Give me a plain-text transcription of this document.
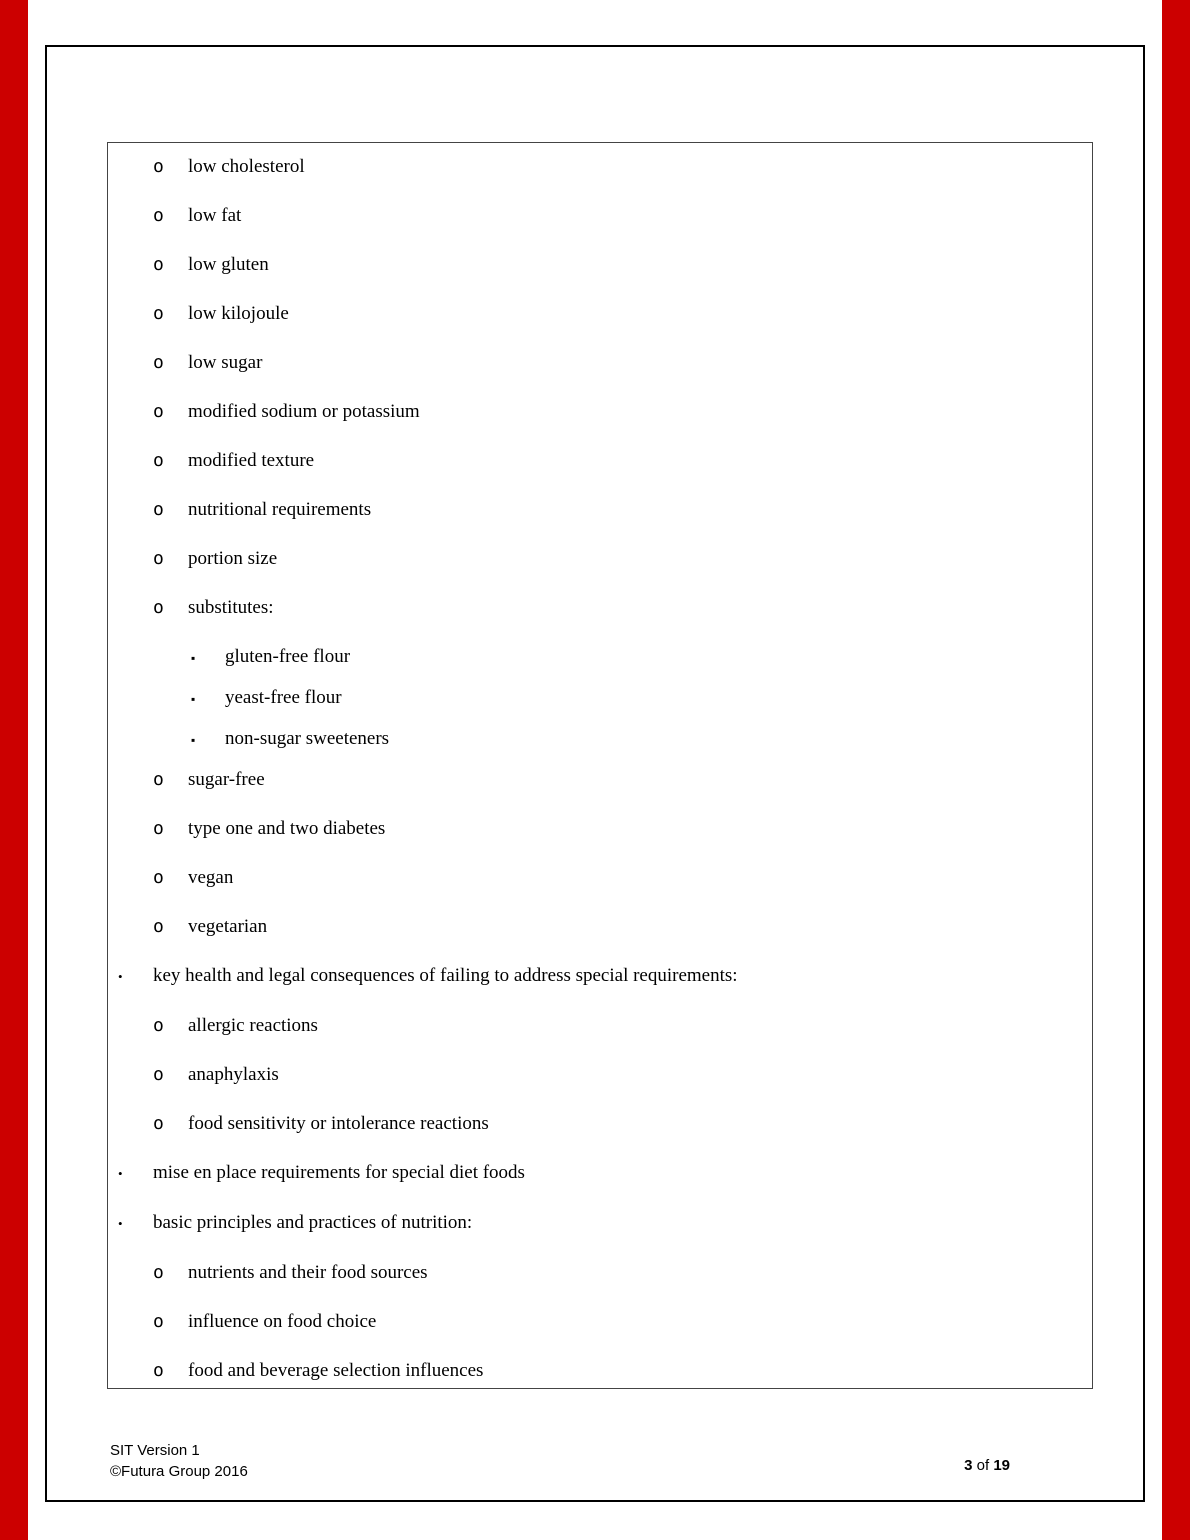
o	low cholesterol
o	low fat
o	low gluten
o	low kilojoule
o	low sugar
o	modified sodium or potassium
o	modified texture
o	nutritional requirements
o	portion size
o	substitutes:
▪	gluten-free flour
▪	yeast-free flour
▪	non-sugar sweeteners
o	sugar-free
o	type one and two diabetes
o	vegan
o	vegetarian
•	key health and legal consequences of failing to address special requirements:
o	allergic reactions
o	anaphylaxis
o	food sensitivity or intolerance reactions
•	mise en place requirements for special diet foods
•	basic principles and practices of nutrition:
o	nutrients and their food sources
o	influence on food choice
o	food and beverage selection influences
SIT Version 1
©Futura Group 2016	3 of 19
